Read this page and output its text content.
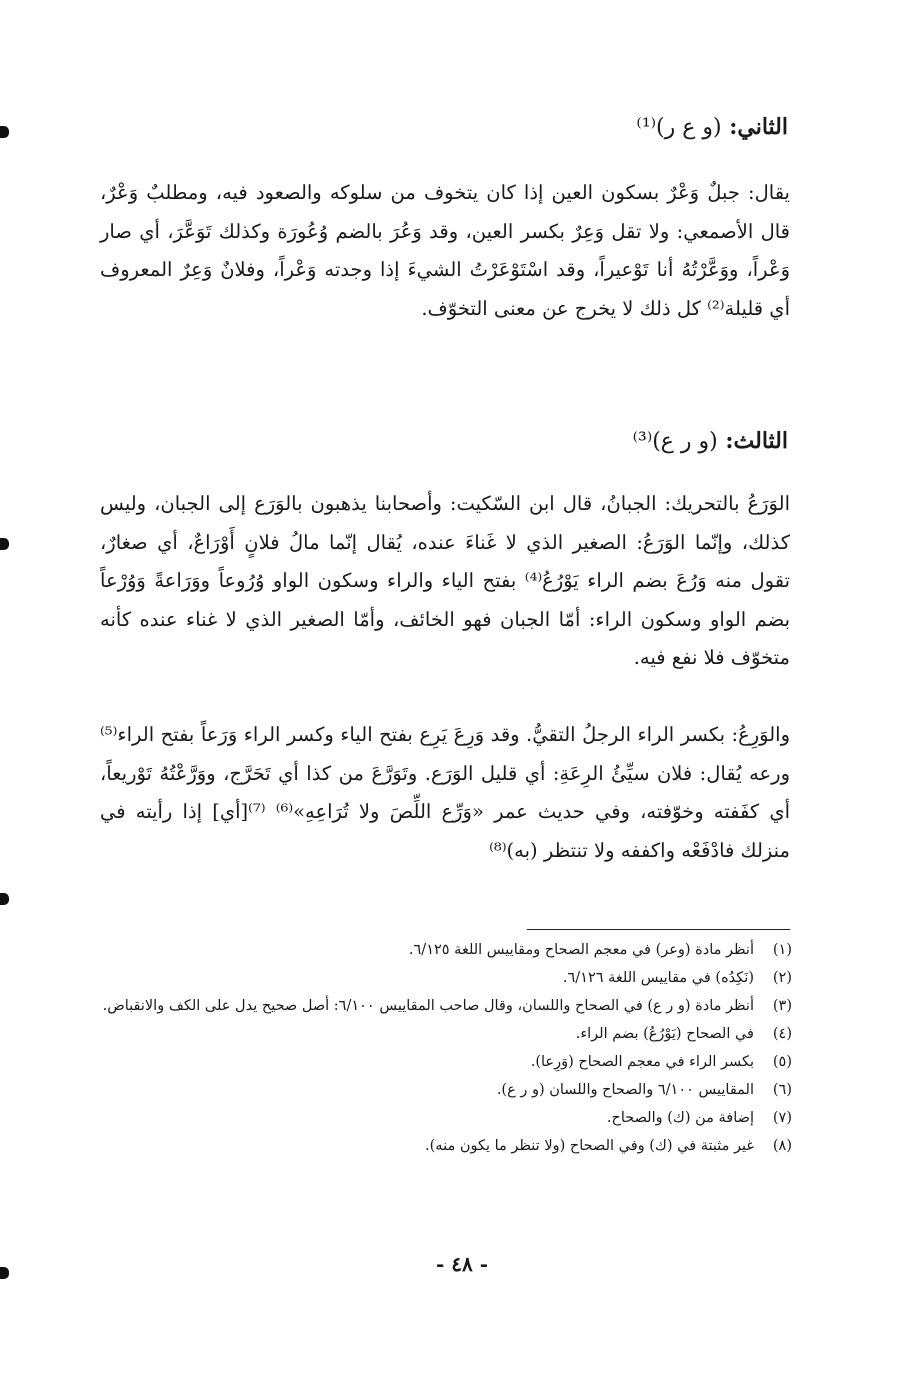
الثاني: (و ع ر)⁽¹⁾

يقال: جبلٌ وَعْرٌ بسكون العين إذا كان يتخوف من سلوكه والصعود فيه، ومطلبٌ وَعْرٌ، قال الأصمعي: ولا تقل وَعِرٌ بكسر العين، وقد وَعُرَ بالضم وُعُورَة وكذلك تَوَعَّرَ، أي صار وَعْراً، ووَعَّرْتُهُ أنا تَوْعيراً، وقد اسْتَوْعَرْتُ الشيءَ إذا وجدته وَعْراً، وفلانٌ وَعِرٌ المعروف أي قليلة⁽²⁾ كل ذلك لا يخرج عن معنى التخوّف.

الثالث: (و ر ع)⁽³⁾

الوَرَعُ بالتحريك: الجبانُ، قال ابن السّكيت: وأصحابنا يذهبون بالوَرَع إلى الجبان، وليس كذلك، وإنّما الوَرَعُ: الصغير الذي لا غَناءَ عنده، يُقال إنّما مالُ فلانٍ أَوْرَاعٌ، أي صغارٌ، تقول منه وَرُعَ بضم الراء يَوْرُعُ⁽⁴⁾ بفتح الياء والراء وسكون الواو وُرُوعاً ووَرَاعةً وَوُرْعاً بضم الواو وسكون الراء: أمّا الجبان فهو الخائف، وأمّا الصغير الذي لا غناء عنده كأنه متخوّف فلا نفع فيه.

والوَرِعُ: بكسر الراء الرجلُ التقيُّ. وقد وَرِعَ يَرِع بفتح الياء وكسر الراء وَرَعاً بفتح الراء⁽⁵⁾ ورعه يُقال: فلان سيِّئُ الرِعَةِ: أي قليل الوَرَع. وتَوَرَّعَ من كذا أي تَحَرَّج، ووَرَّعْتُهُ تَوْريعاً، أي كفَفته وخوّفته، وفي حديث عمر «وَرِّع اللِّصَ ولا تُرَاعِهِ»⁽⁶⁾ ⁽⁷⁾[أي] إذا رأيته في منزلك فادْفَعْه واكففه ولا تنتظر (به)⁽⁸⁾

(١)
أنظر مادة (وعر) في معجم الصحاح ومقاييس اللغة ٦/١٢٥.
(٢)
(نَكِدُه) في مقاييس اللغة ٦/١٢٦.
(٣)
أنظر مادة (و ر ع) في الصحاح واللسان، وقال صاحب المقاييس ٦/١٠٠: أصل صحيح يدل على الكف والانقباض.
(٤)
في الصحاح (يَوْرُعُ) بضم الراء.
(٥)
بكسر الراء في معجم الصحاح (وَرِعا).
(٦)
المقاييس ٦/١٠٠ والصحاح واللسان (و ر ع).
(٧)
إضافة من (ك) والصحاح.
(٨)
غير مثبتة في (ك) وفي الصحاح (ولا تنظر ما يكون منه).
- ٤٨ -
